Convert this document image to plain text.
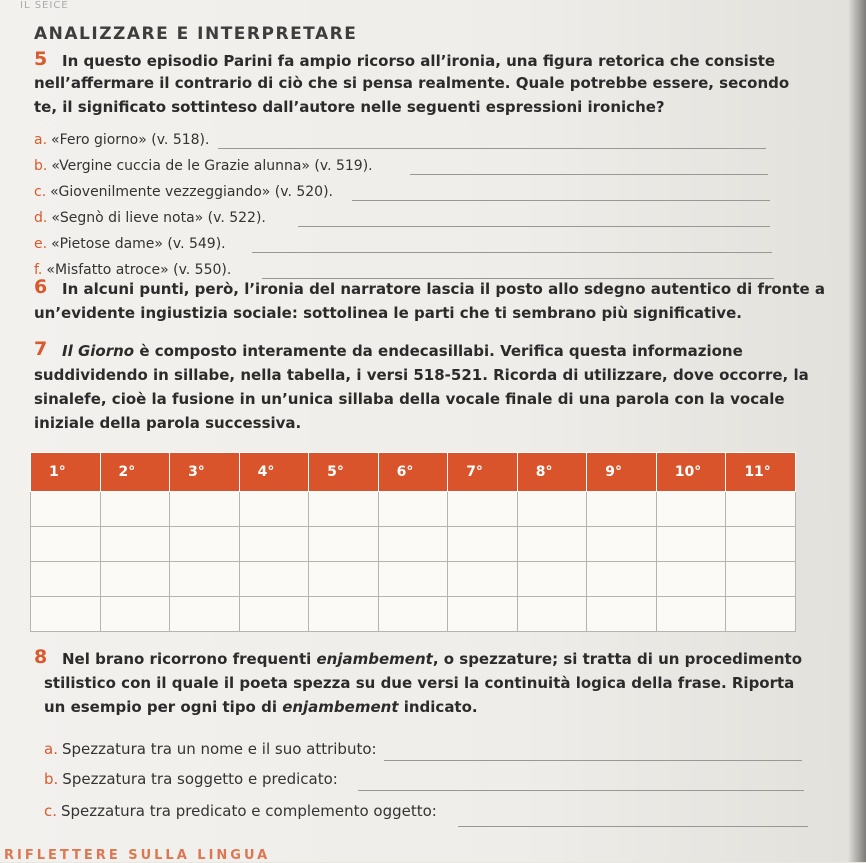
IL SEICE
ANALIZZARE E INTERPRETARE
5 In questo episodio Parini fa ampio ricorso all’ironia, una figura retorica che consiste
nell’affermare il contrario di ciò che si pensa realmente. Quale potrebbe essere, secondo
te, il significato sottinteso dall’autore nelle seguenti espressioni ironiche?
a. «Fero giorno» (v. 518).
b. «Vergine cuccia de le Grazie alunna» (v. 519).
c. «Giovenilmente vezzeggiando» (v. 520).
d. «Segnò di lieve nota» (v. 522).
e. «Pietose dame» (v. 549).
f. «Misfatto atroce» (v. 550).
6 In alcuni punti, però, l’ironia del narratore lascia il posto allo sdegno autentico di fronte a
un’evidente ingiustizia sociale: sottolinea le parti che ti sembrano più significative.
7 Il Giorno è composto interamente da endecasillabi. Verifica questa informazione
suddividendo in sillabe, nella tabella, i versi 518-521. Ricorda di utilizzare, dove occorre, la
sinalefe, cioè la fusione in un’unica sillaba della vocale finale di una parola con la vocale
iniziale della parola successiva.
1°	2°	3°	4°	5°	6°	7°	8°	9°	10°	11°

8 Nel brano ricorrono frequenti enjambement, o spezzature; si tratta di un procedimento
stilistico con il quale il poeta spezza su due versi la continuità logica della frase. Riporta
un esempio per ogni tipo di enjambement indicato.
a. Spezzatura tra un nome e il suo attributo:
b. Spezzatura tra soggetto e predicato:
c. Spezzatura tra predicato e complemento oggetto:
RIFLETTERE SULLA LINGUA
